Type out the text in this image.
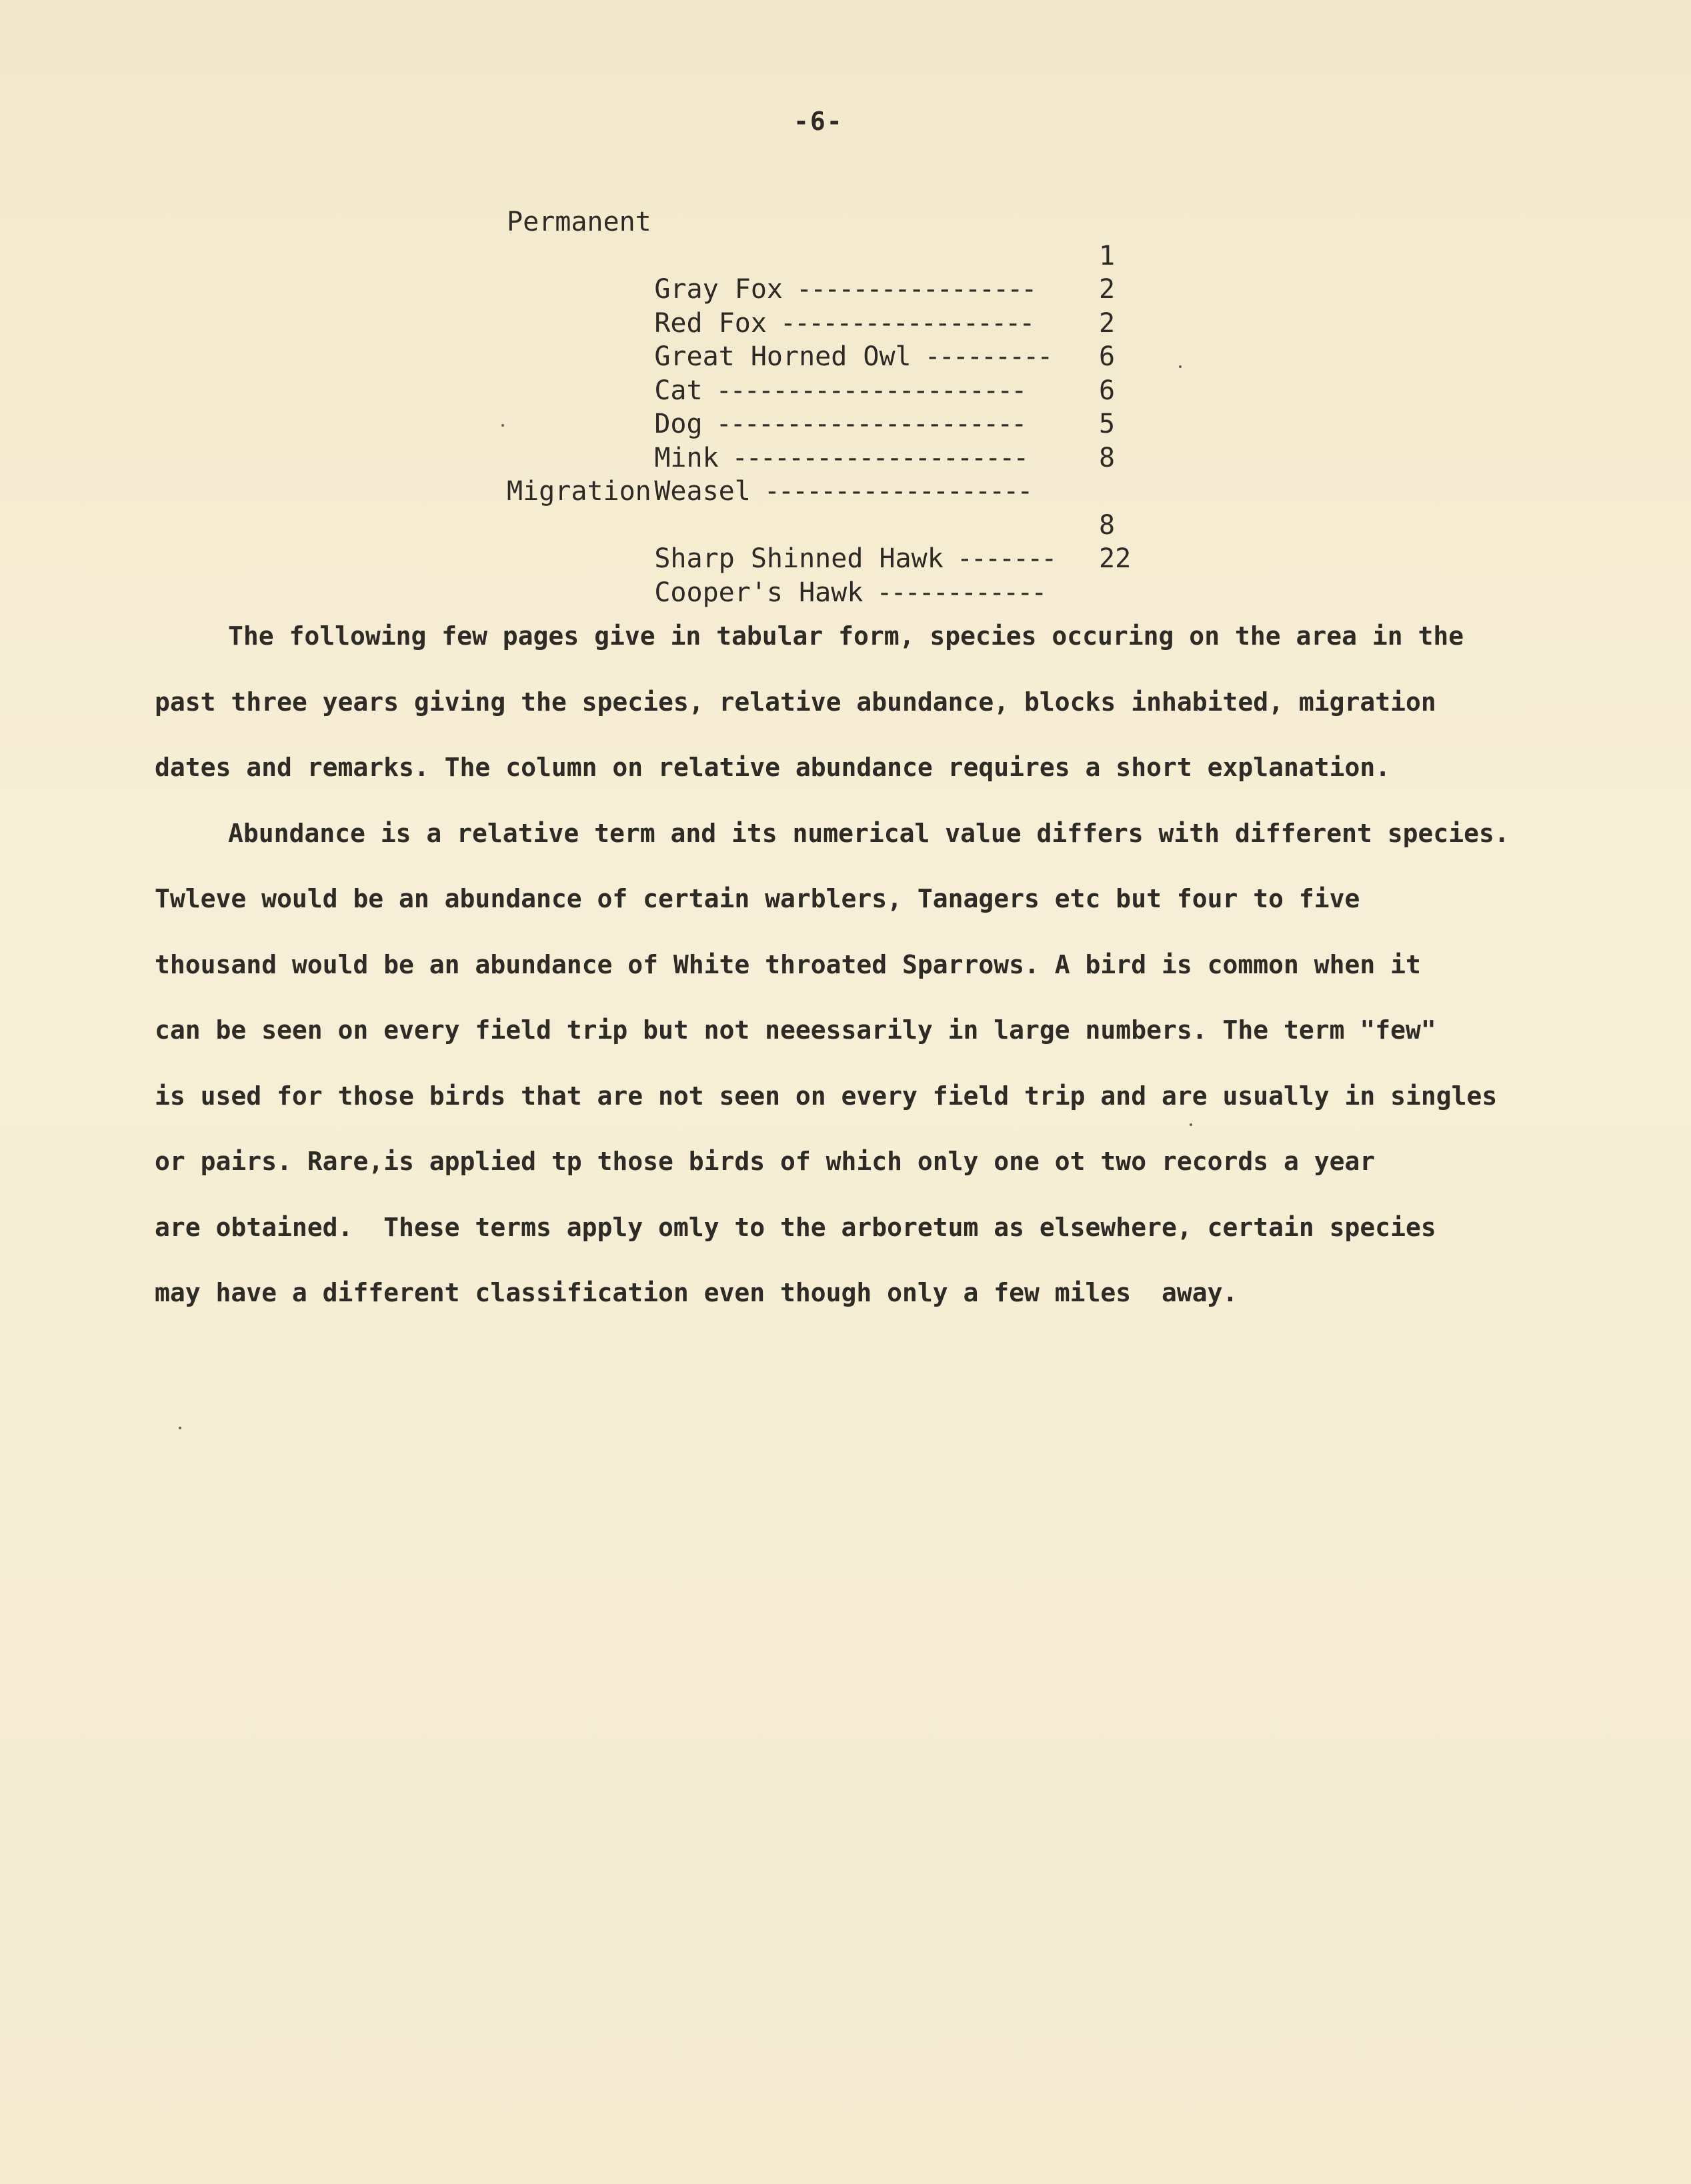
-6-
Permanent

Gray Fox -----------------
1

Red Fox ------------------
2

Great Horned Owl ---------
2

Cat ----------------------
6

Dog ----------------------
6

Mink ---------------------
5

Weasel -------------------
8

Migration

Sharp Shinned Hawk -------
8

Cooper's Hawk ------------
22

The following few pages give in tabular form, species occuring on the area in the
past three years giving the species, relative abundance, blocks inhabited, migration
dates and remarks. The column on relative abundance requires a short explanation.
Abundance is a relative term and its numerical value differs with different species.
Twleve would be an abundance of certain warblers, Tanagers etc but four to five
thousand would be an abundance of White throated Sparrows. A bird is common when it
can be seen on every field trip but not neeessarily in large numbers. The term "few"
is used for those birds that are not seen on every field trip and are usually in singles
or pairs. Rare,is applied tp those birds of which only one ot two records a year
are obtained.  These terms apply omly to the arboretum as elsewhere, certain species
may have a different classification even though only a few miles  away.
